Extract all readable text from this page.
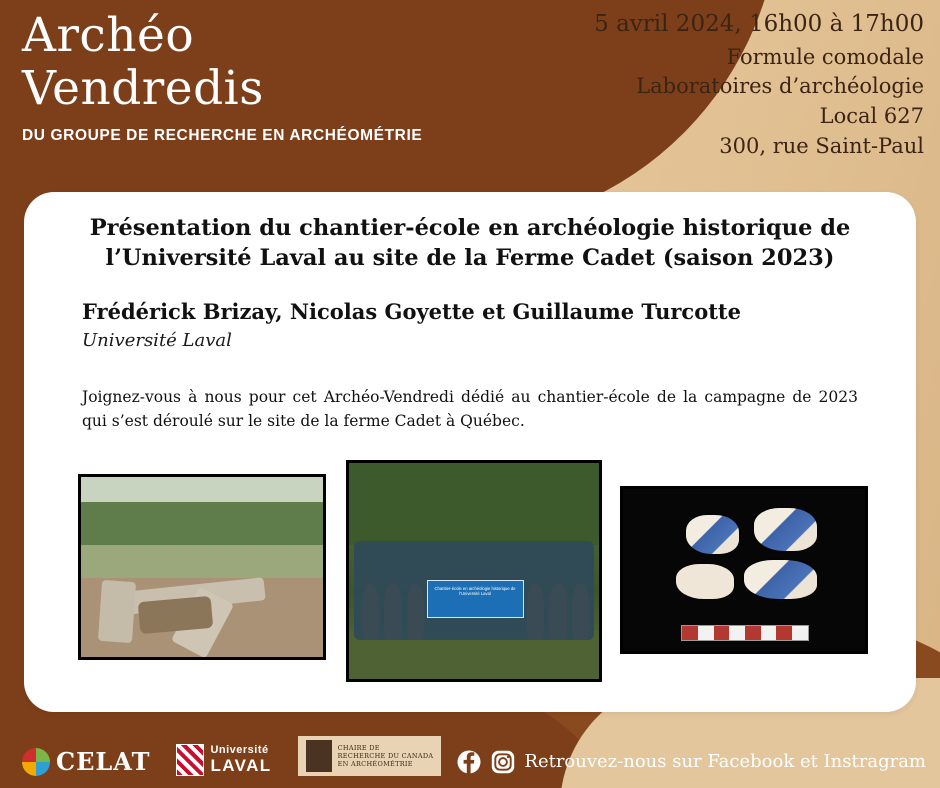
Archéo
Vendredis
DU GROUPE DE RECHERCHE EN ARCHÉOMÉTRIE
5 avril 2024, 16h00 à 17h00
Formule comodale
Laboratoires d’archéologie
Local 627
300, rue Saint-Paul
Présentation du chantier-école en archéologie historique de l’Université Laval au site de la Ferme Cadet (saison 2023)
Frédérick Brizay, Nicolas Goyette et Guillaume Turcotte
Université Laval
Joignez-vous à nous pour cet Archéo-Vendredi dédié au chantier-école de la campagne de 2023 qui s’est déroulé sur le site de la ferme Cadet à Québec.
Chantier-école en archéologie historique de l’Université Laval
CELAT	Université
LAVAL
CHAIRE DE
RECHERCHE DU CANADA
EN ARCHÉOMÉTRIE	Retrouvez-nous sur Facebook et Instragram
